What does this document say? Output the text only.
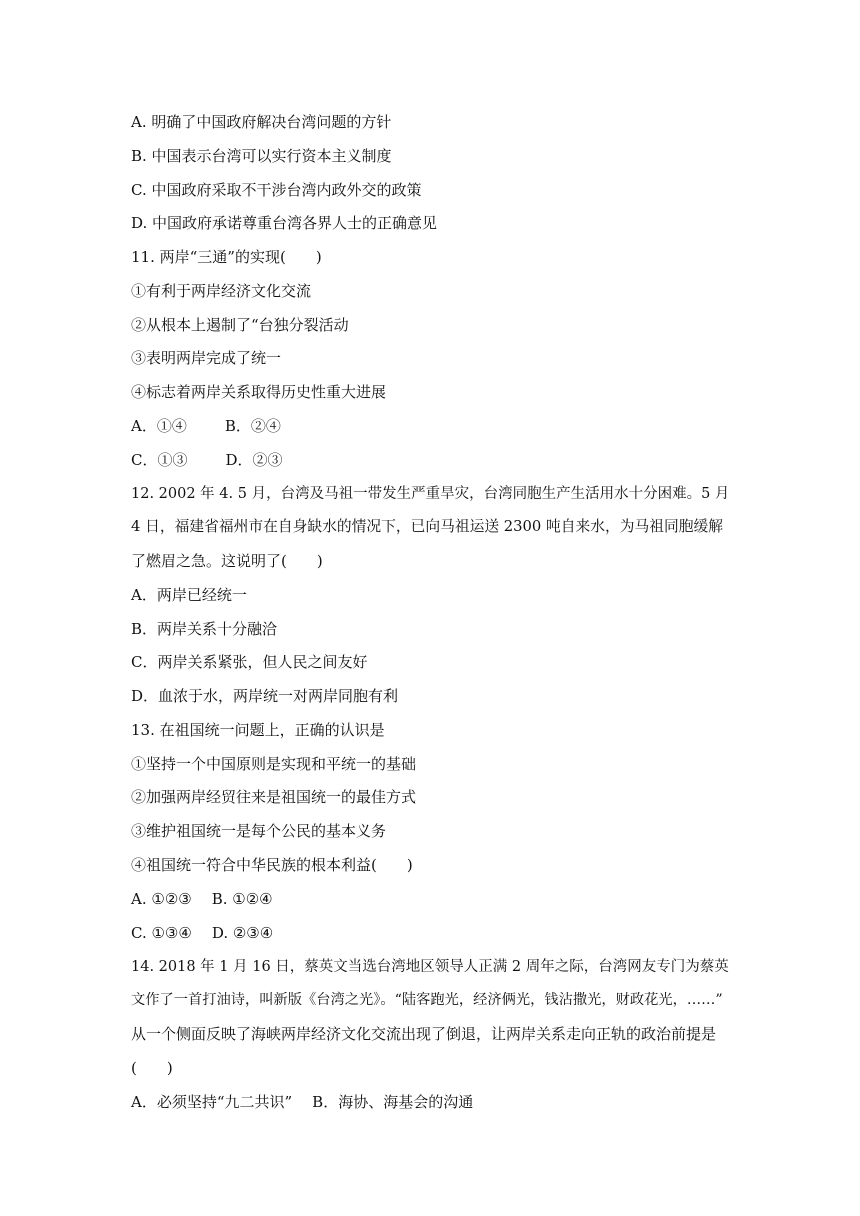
A. 明确了中国政府解决台湾问题的方针
B. 中国表示台湾可以实行资本主义制度
C. 中国政府采取不干涉台湾内政外交的政策
D. 中国政府承诺尊重台湾各界人士的正确意见
11. 两岸“三通”的实现(　　)
①有利于两岸经济文化交流
②从根本上遏制了“台独分裂活动
③表明两岸完成了统一
④标志着两岸关系取得历史性重大进展
A．①④	B．②④
C．①③	D．②③
12. 2002 年 4. 5 月，台湾及马祖一带发生严重旱灾，台湾同胞生产生活用水十分困难。5 月
4 日，福建省福州市在自身缺水的情况下，已向马祖运送 2300 吨自来水，为马祖同胞缓解
了燃眉之急。这说明了(　　)
A．两岸已经统一
B．两岸关系十分融洽
C．两岸关系紧张，但人民之间友好
D．血浓于水，两岸统一对两岸同胞有利
13. 在祖国统一问题上，正确的认识是
①坚持一个中国原则是实现和平统一的基础
②加强两岸经贸往来是祖国统一的最佳方式
③维护祖国统一是每个公民的基本义务
④祖国统一符合中华民族的根本利益(　　)
A. ①②③ B. ①②④
C. ①③④ D. ②③④
14. 2018 年 1 月 16 日，蔡英文当选台湾地区领导人正满 2 周年之际，台湾网友专门为蔡英
文作了一首打油诗，叫新版《台湾之光》。“陆客跑光，经济俩光，钱沾撒光，财政花光，……”
从一个侧面反映了海峡两岸经济文化交流出现了倒退，让两岸关系走向正轨的政治前提是
(　　)
A．必须坚持“九二共识” B．海协、海基会的沟通
